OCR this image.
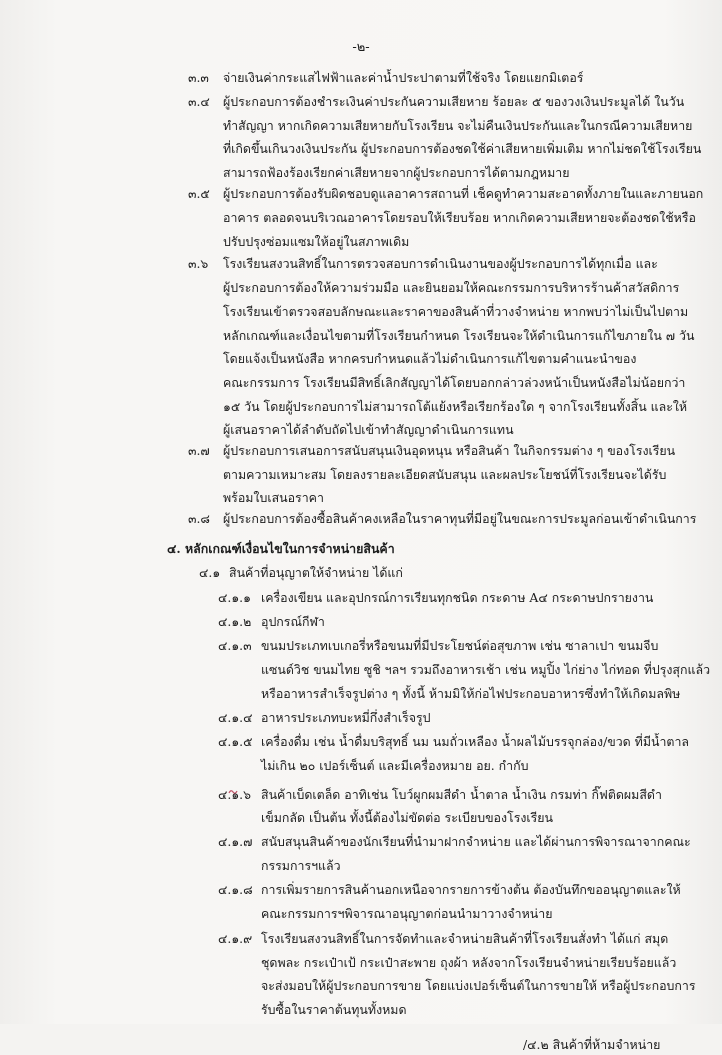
-๒-
๓.๓ จ่ายเงินค่ากระแสไฟฟ้าและค่าน้ำประปาตามที่ใช้จริง โดยแยกมิเตอร์
๓.๔ ผู้ประกอบการต้องชำระเงินค่าประกันความเสียหาย ร้อยละ ๕ ของวงเงินประมูลได้ ในวัน
ทำสัญญา หากเกิดความเสียหายกับโรงเรียน จะไม่คืนเงินประกันและในกรณีความเสียหาย
ที่เกิดขึ้นเกินวงเงินประกัน ผู้ประกอบการต้องชดใช้ค่าเสียหายเพิ่มเติม หากไม่ชดใช้โรงเรียน
สามารถฟ้องร้องเรียกค่าเสียหายจากผู้ประกอบการได้ตามกฎหมาย
๓.๕ ผู้ประกอบการต้องรับผิดชอบดูแลอาคารสถานที่ เช็คดูทำความสะอาดทั้งภายในและภายนอก
อาคาร ตลอดจนบริเวณอาคารโดยรอบให้เรียบร้อย หากเกิดความเสียหายจะต้องชดใช้หรือ
ปรับปรุงซ่อมแซมให้อยู่ในสภาพเดิม
๓.๖ โรงเรียนสงวนสิทธิ์ในการตรวจสอบการดำเนินงานของผู้ประกอบการได้ทุกเมื่อ และ
ผู้ประกอบการต้องให้ความร่วมมือ และยินยอมให้คณะกรรมการบริหารร้านค้าสวัสดิการ
โรงเรียนเข้าตรวจสอบลักษณะและราคาของสินค้าที่วางจำหน่าย หากพบว่าไม่เป็นไปตาม
หลักเกณฑ์และเงื่อนไขตามที่โรงเรียนกำหนด โรงเรียนจะให้ดำเนินการแก้ไขภายใน ๗ วัน
โดยแจ้งเป็นหนังสือ หากครบกำหนดแล้วไม่ดำเนินการแก้ไขตามคำแนะนำของ
คณะกรรมการ โรงเรียนมีสิทธิ์เลิกสัญญาได้โดยบอกกล่าวล่วงหน้าเป็นหนังสือไม่น้อยกว่า
๑๕ วัน โดยผู้ประกอบการไม่สามารถโต้แย้งหรือเรียกร้องใด ๆ จากโรงเรียนทั้งสิ้น และให้
ผู้เสนอราคาได้ลำดับถัดไปเข้าทำสัญญาดำเนินการแทน
๓.๗ ผู้ประกอบการเสนอการสนับสนุนเงินอุดหนุน หรือสินค้า ในกิจกรรมต่าง ๆ ของโรงเรียน
ตามความเหมาะสม โดยลงรายละเอียดสนับสนุน และผลประโยชน์ที่โรงเรียนจะได้รับ
พร้อมใบเสนอราคา
๓.๘ ผู้ประกอบการต้องซื้อสินค้าคงเหลือในราคาทุนที่มีอยู่ในขณะการประมูลก่อนเข้าดำเนินการ
๔. หลักเกณฑ์เงื่อนไขในการจำหน่ายสินค้า
๔.๑ สินค้าที่อนุญาตให้จำหน่าย ได้แก่
๔.๑.๑ เครื่องเขียน และอุปกรณ์การเรียนทุกชนิด กระดาษ A๔ กระดาษปกรายงาน
๔.๑.๒ อุปกรณ์กีฬา
๔.๑.๓ ขนมประเภทเบเกอรี่หรือขนมที่มีประโยชน์ต่อสุขภาพ เช่น ซาลาเปา ขนมจีบ
แซนด์วิช ขนมไทย ซูชิ ฯลฯ รวมถึงอาหารเช้า เช่น หมูปิ้ง ไก่ย่าง ไก่ทอด ที่ปรุงสุกแล้ว
หรืออาหารสำเร็จรูปต่าง ๆ ทั้งนี้ ห้ามมิให้ก่อไฟประกอบอาหารซึ่งทำให้เกิดมลพิษ
๔.๑.๔ อาหารประเภทบะหมี่กึ่งสำเร็จรูป
๔.๑.๕ เครื่องดื่ม เช่น น้ำดื่มบริสุทธิ์ นม นมถั่วเหลือง น้ำผลไม้บรรจุกล่อง/ขวด ที่มีน้ำตาล
ไม่เกิน ๒๐ เปอร์เซ็นต์ และมีเครื่องหมาย อย. กำกับ
๔.๑.๖ สินค้าเบ็ดเตล็ด อาทิเช่น โบว์ผูกผมสีดำ น้ำตาล น้ำเงิน กรมท่า กิ๊ฟติดผมสีดำ
เข็มกลัด เป็นต้น ทั้งนี้ต้องไม่ขัดต่อ ระเบียบของโรงเรียน
/๔.๒ สินค้าที่ห้ามจำหน่าย
๔.๑.๗ สนับสนุนสินค้าของนักเรียนที่นำมาฝากจำหน่าย และได้ผ่านการพิจารณาจากคณะ
กรรมการฯแล้ว
๔.๑.๘ การเพิ่มรายการสินค้านอกเหนือจากรายการข้างต้น ต้องบันทึกขออนุญาตและให้
คณะกรรมการฯพิจารณาอนุญาตก่อนนำมาวางจำหน่าย
๔.๑.๙ โรงเรียนสงวนสิทธิ์ในการจัดทำและจำหน่ายสินค้าที่โรงเรียนสั่งทำ ได้แก่ สมุด
ชุดพละ กระเป๋าเป้ กระเป๋าสะพาย ถุงผ้า หลังจากโรงเรียนจำหน่ายเรียบร้อยแล้ว
จะส่งมอบให้ผู้ประกอบการขาย โดยแบ่งเปอร์เซ็นต์ในการขายให้ หรือผู้ประกอบการ
รับซื้อในราคาต้นทุนทั้งหมด
